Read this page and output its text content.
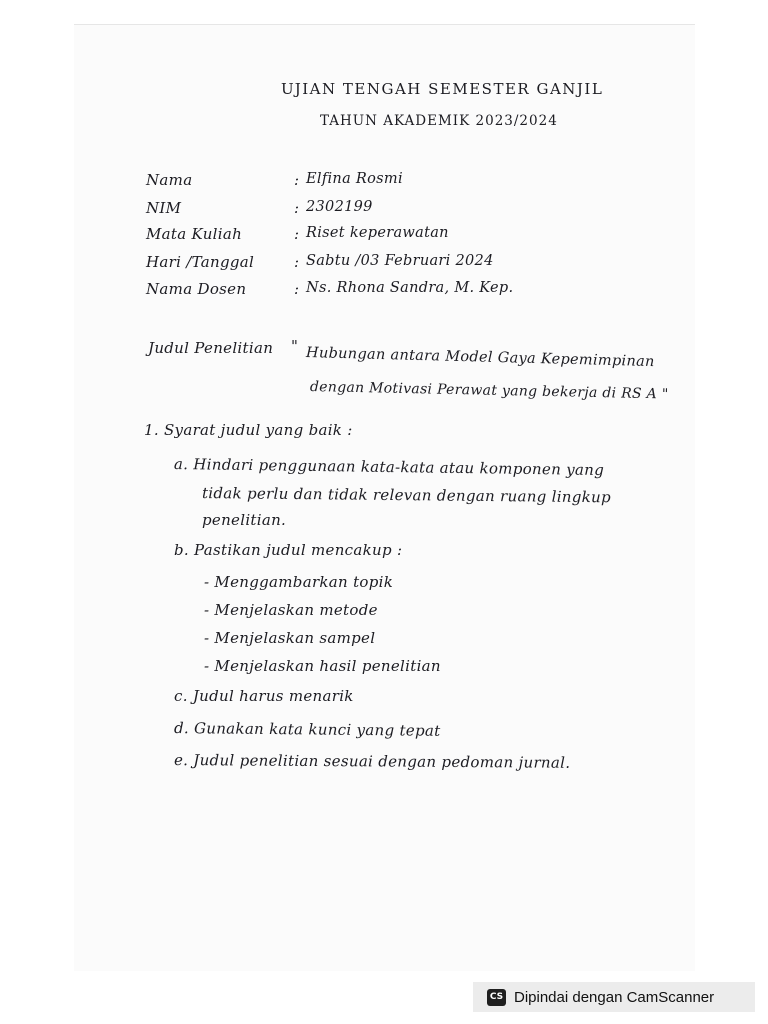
UJIAN TENGAH SEMESTER GANJIL
TAHUN AKADEMIK 2023/2024
Nama	: Elfina Rosmi
NIM	: 2302199
Mata Kuliah	: Riset keperawatan
Hari /Tanggal	: Sabtu /03 Februari 2024
Nama Dosen	: Ns. Rhona Sandra, M. Kep.
Judul Penelitian " Hubungan antara Model Gaya Kepemimpinan
dengan Motivasi Perawat yang bekerja di RS A "
1. Syarat judul yang baik :
a. Hindari penggunaan kata-kata atau komponen yang
tidak perlu dan tidak relevan dengan ruang lingkup
penelitian.
b. Pastikan judul mencakup :
- Menggambarkan topik
- Menjelaskan metode
- Menjelaskan sampel
- Menjelaskan hasil penelitian
c. Judul harus menarik
d. Gunakan kata kunci yang tepat
e. Judul penelitian sesuai dengan pedoman jurnal.
CS Dipindai dengan CamScanner
